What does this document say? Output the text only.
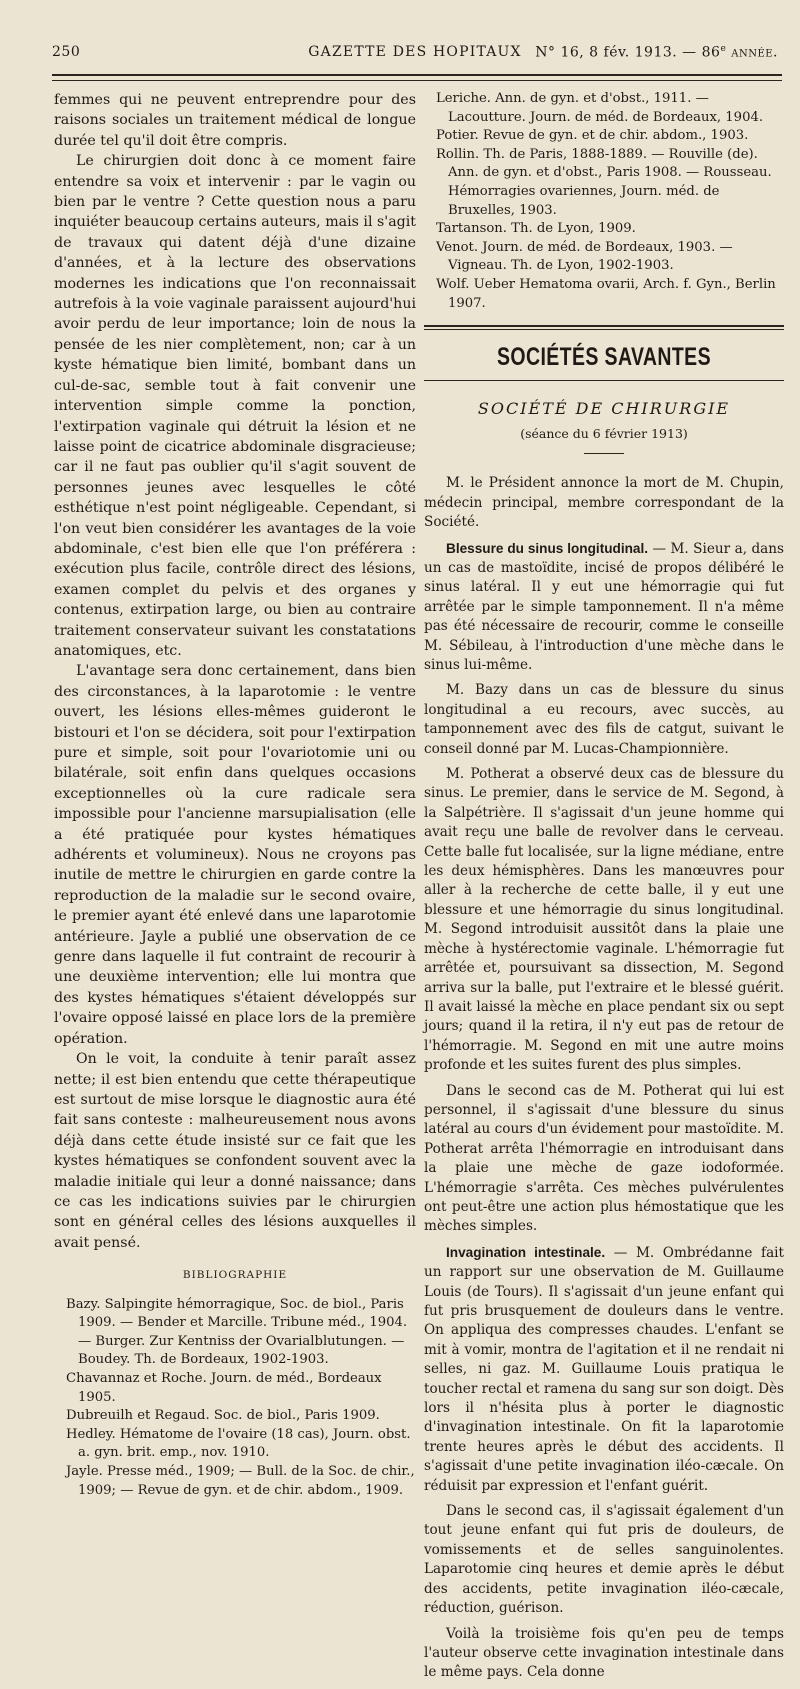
250	GAZETTE DES HOPITAUX N° 16, 8 fév. 1913. — 86e année.

femmes qui ne peuvent entreprendre pour des raisons sociales un traitement médical de longue durée tel qu'il doit être compris.

Le chirurgien doit donc à ce moment faire entendre sa voix et intervenir : par le vagin ou bien par le ventre ? Cette question nous a paru inquiéter beaucoup certains auteurs, mais il s'agit de travaux qui datent déjà d'une dizaine d'années, et à la lecture des observations modernes les indications que l'on reconnaissait autrefois à la voie vaginale paraissent aujourd'hui avoir perdu de leur importance; loin de nous la pensée de les nier complètement, non; car à un kyste hématique bien limité, bombant dans un cul-de-sac, semble tout à fait convenir une intervention simple comme la ponction, l'extirpation vaginale qui détruit la lésion et ne laisse point de cicatrice abdominale disgracieuse; car il ne faut pas oublier qu'il s'agit souvent de personnes jeunes avec lesquelles le côté esthétique n'est point négligeable. Cependant, si l'on veut bien considérer les avantages de la voie abdominale, c'est bien elle que l'on préférera : exécution plus facile, contrôle direct des lésions, examen complet du pelvis et des organes y contenus, extirpation large, ou bien au contraire traitement conservateur suivant les constatations anatomiques, etc.

L'avantage sera donc certainement, dans bien des circonstances, à la laparotomie : le ventre ouvert, les lésions elles-mêmes guideront le bistouri et l'on se décidera, soit pour l'extirpation pure et simple, soit pour l'ovariotomie uni ou bilatérale, soit enfin dans quelques occasions exceptionnelles où la cure radicale sera impossible pour l'ancienne marsupialisation (elle a été pratiquée pour kystes hématiques adhérents et volumineux). Nous ne croyons pas inutile de mettre le chirurgien en garde contre la reproduction de la maladie sur le second ovaire, le premier ayant été enlevé dans une laparotomie antérieure. Jayle a publié une observation de ce genre dans laquelle il fut contraint de recourir à une deuxième intervention; elle lui montra que des kystes hématiques s'étaient développés sur l'ovaire opposé laissé en place lors de la première opération.

On le voit, la conduite à tenir paraît assez nette; il est bien entendu que cette thérapeutique est surtout de mise lorsque le diagnostic aura été fait sans conteste : malheureusement nous avons déjà dans cette étude insisté sur ce fait que les kystes hématiques se confondent souvent avec la maladie initiale qui leur a donné naissance; dans ce cas les indications suivies par le chirurgien sont en général celles des lésions auxquelles il avait pensé.

BIBLIOGRAPHIE

Bazy. Salpingite hémorragique, Soc. de biol., Paris 1909. — Bender et Marcille. Tribune méd., 1904. — Burger. Zur Kentniss der Ovarialblutungen. — Boudey. Th. de Bordeaux, 1902-1903.

Chavannaz et Roche. Journ. de méd., Bordeaux 1905.

Dubreuilh et Regaud. Soc. de biol., Paris 1909.

Hedley. Hématome de l'ovaire (18 cas), Journ. obst. a. gyn. brit. emp., nov. 1910.

Jayle. Presse méd., 1909; — Bull. de la Soc. de chir., 1909; — Revue de gyn. et de chir. abdom., 1909.

Leriche. Ann. de gyn. et d'obst., 1911. — Lacoutture. Journ. de méd. de Bordeaux, 1904.

Potier. Revue de gyn. et de chir. abdom., 1903.

Rollin. Th. de Paris, 1888-1889. — Rouville (de). Ann. de gyn. et d'obst., Paris 1908. — Rousseau. Hémorragies ovariennes, Journ. méd. de Bruxelles, 1903.

Tartanson. Th. de Lyon, 1909.

Venot. Journ. de méd. de Bordeaux, 1903. — Vigneau. Th. de Lyon, 1902-1903.

Wolf. Ueber Hematoma ovarii, Arch. f. Gyn., Berlin 1907.

SOCIÉTÉS SAVANTES
SOCIÉTÉ DE CHIRURGIE
(séance du 6 février 1913)

M. le Président annonce la mort de M. Chupin, médecin principal, membre correspondant de la Société.

Blessure du sinus longitudinal. — M. Sieur a, dans un cas de mastoïdite, incisé de propos délibéré le sinus latéral. Il y eut une hémorragie qui fut arrêtée par le simple tamponnement. Il n'a même pas été nécessaire de recourir, comme le conseille M. Sébileau, à l'introduction d'une mèche dans le sinus lui-même.

M. Bazy dans un cas de blessure du sinus longitudinal a eu recours, avec succès, au tamponnement avec des fils de catgut, suivant le conseil donné par M. Lucas-Championnière.

M. Potherat a observé deux cas de blessure du sinus. Le premier, dans le service de M. Segond, à la Salpétrière. Il s'agissait d'un jeune homme qui avait reçu une balle de revolver dans le cerveau. Cette balle fut localisée, sur la ligne médiane, entre les deux hémisphères. Dans les manœuvres pour aller à la recherche de cette balle, il y eut une blessure et une hémorragie du sinus longitudinal. M. Segond introduisit aussitôt dans la plaie une mèche à hystérectomie vaginale. L'hémorragie fut arrêtée et, poursuivant sa dissection, M. Segond arriva sur la balle, put l'extraire et le blessé guérit. Il avait laissé la mèche en place pendant six ou sept jours; quand il la retira, il n'y eut pas de retour de l'hémorragie. M. Segond en mit une autre moins profonde et les suites furent des plus simples.

Dans le second cas de M. Potherat qui lui est personnel, il s'agissait d'une blessure du sinus latéral au cours d'un évidement pour mastoïdite. M. Potherat arrêta l'hémorragie en introduisant dans la plaie une mèche de gaze iodoformée. L'hémorragie s'arrêta. Ces mèches pulvérulentes ont peut-être une action plus hémostatique que les mèches simples.

Invagination intestinale. — M. Ombrédanne fait un rapport sur une observation de M. Guillaume Louis (de Tours). Il s'agissait d'un jeune enfant qui fut pris brusquement de douleurs dans le ventre. On appliqua des compresses chaudes. L'enfant se mit à vomir, montra de l'agitation et il ne rendait ni selles, ni gaz. M. Guillaume Louis pratiqua le toucher rectal et ramena du sang sur son doigt. Dès lors il n'hésita plus à porter le diagnostic d'invagination intestinale. On fit la laparotomie trente heures après le début des accidents. Il s'agissait d'une petite invagination iléo-cæcale. On réduisit par expression et l'enfant guérit.

Dans le second cas, il s'agissait également d'un tout jeune enfant qui fut pris de douleurs, de vomissements et de selles sanguinolentes. Laparotomie cinq heures et demie après le début des accidents, petite invagination iléo-cæcale, réduction, guérison.

Voilà la troisième fois qu'en peu de temps l'auteur observe cette invagination intestinale dans le même pays. Cela donne
